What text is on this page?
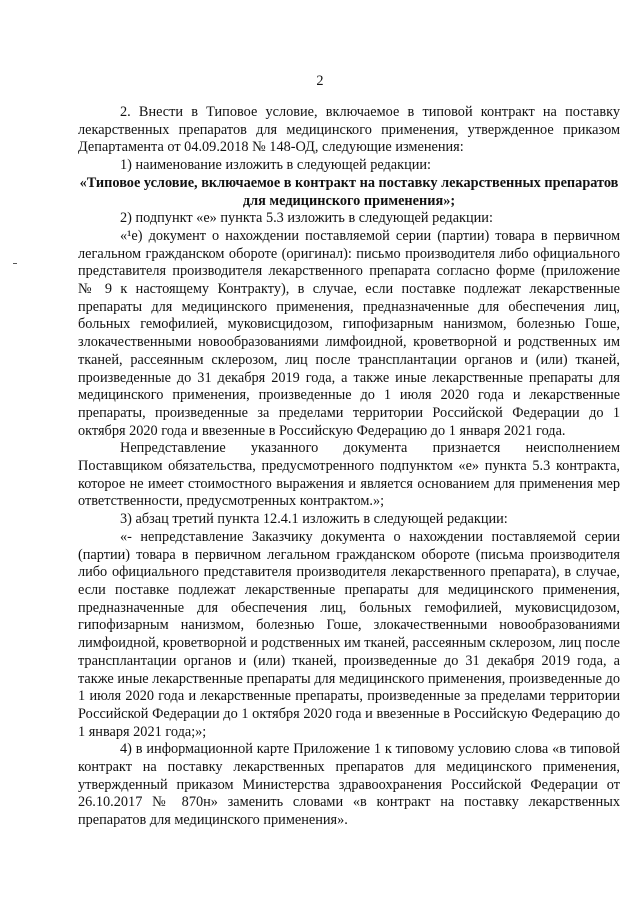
2

2. Внести в Типовое условие, включаемое в типовой контракт на поставку лекарственных препаратов для медицинского применения, утвержденное приказом Департамента от 04.09.2018 № 148-ОД, следующие изменения:

1) наименование изложить в следующей редакции:

«Типовое условие, включаемое в контракт на поставку лекарственных препаратов для медицинского применения»;

2) подпункт «е» пункта 5.3 изложить в следующей редакции:

«¹е) документ о нахождении поставляемой серии (партии) товара в первичном легальном гражданском обороте (оригинал): письмо производителя либо официального представителя производителя лекарственного препарата согласно форме (приложение № 9 к настоящему Контракту), в случае, если поставке подлежат лекарственные препараты для медицинского применения, предназначенные для обеспечения лиц, больных гемофилией, муковисцидозом, гипофизарным нанизмом, болезнью Гоше, злокачественными новообразованиями лимфоидной, кроветворной и родственных им тканей, рассеянным склерозом, лиц после трансплантации органов и (или) тканей, произведенные до 31 декабря 2019 года, а также иные лекарственные препараты для медицинского применения, произведенные до 1 июля 2020 года и лекарственные препараты, произведенные за пределами территории Российской Федерации до 1 октября 2020 года и ввезенные в Российскую Федерацию до 1 января 2021 года.

Непредставление указанного документа признается неисполнением Поставщиком обязательства, предусмотренного подпунктом «е» пункта 5.3 контракта, которое не имеет стоимостного выражения и является основанием для применения мер ответственности, предусмотренных контрактом.»;

3) абзац третий пункта 12.4.1 изложить в следующей редакции:

«- непредставление Заказчику документа о нахождении поставляемой серии (партии) товара в первичном легальном гражданском обороте (письма производителя либо официального представителя производителя лекарственного препарата), в случае, если поставке подлежат лекарственные препараты для медицинского применения, предназначенные для обеспечения лиц, больных гемофилией, муковисцидозом, гипофизарным нанизмом, болезнью Гоше, злокачественными новообразованиями лимфоидной, кроветворной и родственных им тканей, рассеянным склерозом, лиц после трансплантации органов и (или) тканей, произведенные до 31 декабря 2019 года, а также иные лекарственные препараты для медицинского применения, произведенные до 1 июля 2020 года и лекарственные препараты, произведенные за пределами территории Российской Федерации до 1 октября 2020 года и ввезенные в Российскую Федерацию до 1 января 2021 года;»;

4) в информационной карте Приложение 1 к типовому условию слова «в типовой контракт на поставку лекарственных препаратов для медицинского применения, утвержденный приказом Министерства здравоохранения Российской Федерации от 26.10.2017 № 870н» заменить словами «в контракт на поставку лекарственных препаратов для медицинского применения».
